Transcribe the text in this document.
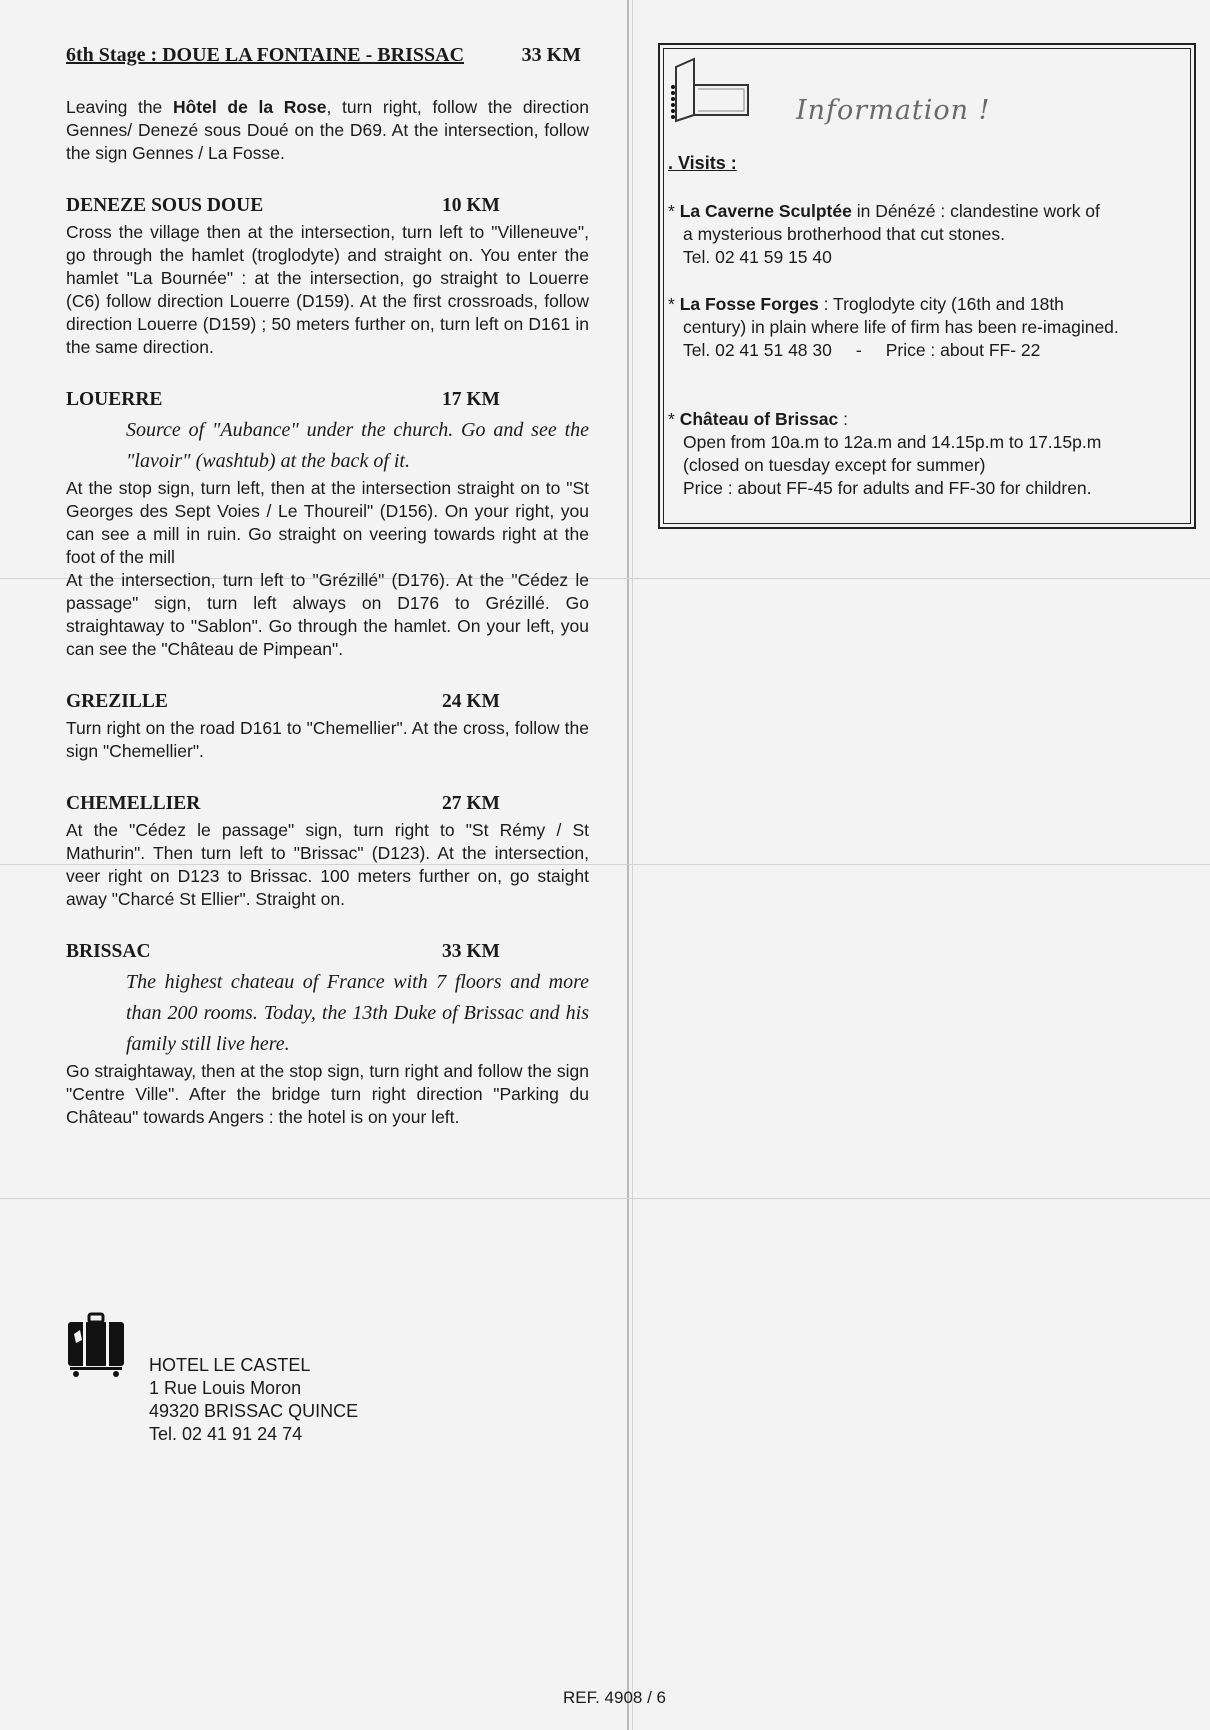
6th Stage : DOUE LA FONTAINE - BRISSAC	33 KM

Leaving the Hôtel de la Rose, turn right, follow the direction Gennes/ Denezé sous Doué on the D69. At the intersection, follow the sign Gennes / La Fosse.

DENEZE SOUS DOUE	10 KM

Cross the village then at the intersection, turn left to "Villeneuve", go through the hamlet (troglodyte) and straight on. You enter the hamlet "La Bournée" : at the intersection, go straight to Louerre (C6) follow direction Louerre (D159). At the first crossroads, follow direction Louerre (D159) ; 50 meters further on, turn left on D161 in the same direction.

LOUERRE	17 KM

Source of "Aubance" under the church. Go and see the "lavoir" (washtub) at the back of it.

At the stop sign, turn left, then at the intersection straight on to "St Georges des Sept Voies / Le Thoureil" (D156). On your right, you can see a mill in ruin. Go straight on veering towards right at the foot of the mill

At the intersection, turn left to "Grézillé" (D176). At the "Cédez le passage" sign, turn left always on D176 to Grézillé. Go straightaway to "Sablon". Go through the hamlet. On your left, you can see the "Château de Pimpean".

GREZILLE	24 KM

Turn right on the road D161 to "Chemellier". At the cross, follow the sign "Chemellier".

CHEMELLIER	27 KM

At the "Cédez le passage" sign, turn right to "St Rémy / St Mathurin". Then turn left to "Brissac" (D123). At the intersection, veer right on D123 to Brissac. 100 meters further on, go staight away "Charcé St Ellier". Straight on.

BRISSAC	33 KM

The highest chateau of France with 7 floors and more than 200 rooms. Today, the 13th Duke of Brissac and his family still live here.

Go straightaway, then at the stop sign, turn right and follow the sign "Centre Ville". After the bridge turn right direction "Parking du Château" towards Angers : the hotel is on your left.

HOTEL LE CASTEL
1 Rue Louis Moron
49320 BRISSAC QUINCE
Tel. 02 41 91 24 74
REF. 4908 / 6
Information !
. Visits :
* La Caverne Sculptée in Dénézé : clandestine work of
a mysterious brotherhood that cut stones.
Tel. 02 41 59 15 40
* La Fosse Forges : Troglodyte city (16th and 18th
century) in plain where life of firm has been re-imagined.
Tel. 02 41 51 48 30 - Price : about FF- 22
* Château of Brissac :
Open from 10a.m to 12a.m and 14.15p.m to 17.15p.m
(closed on tuesday except for summer)
Price : about FF-45 for adults and FF-30 for children.
